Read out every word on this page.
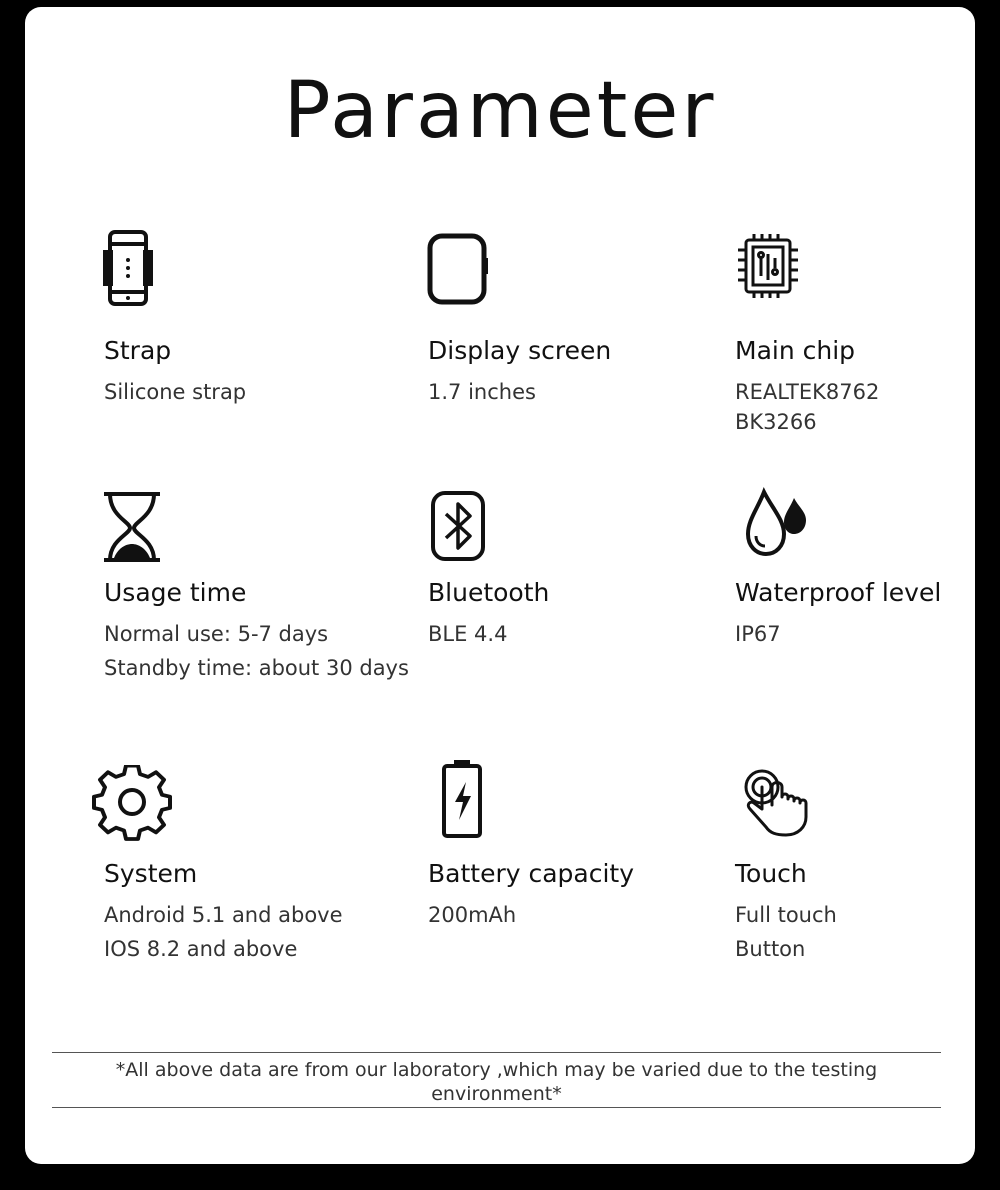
Parameter
Strap
Silicone strap
Display screen
1.7 inches
Main chip
REALTEK8762
BK3266
Usage time
Normal use: 5-7 days
Standby time: about 30 days
Bluetooth
BLE 4.4
Waterproof level
IP67
System
Android 5.1 and above
IOS 8.2 and above
Battery capacity
200mAh
Touch
Full touch
Button
*All above data are from our laboratory ,which may be varied due to the testing environment*
